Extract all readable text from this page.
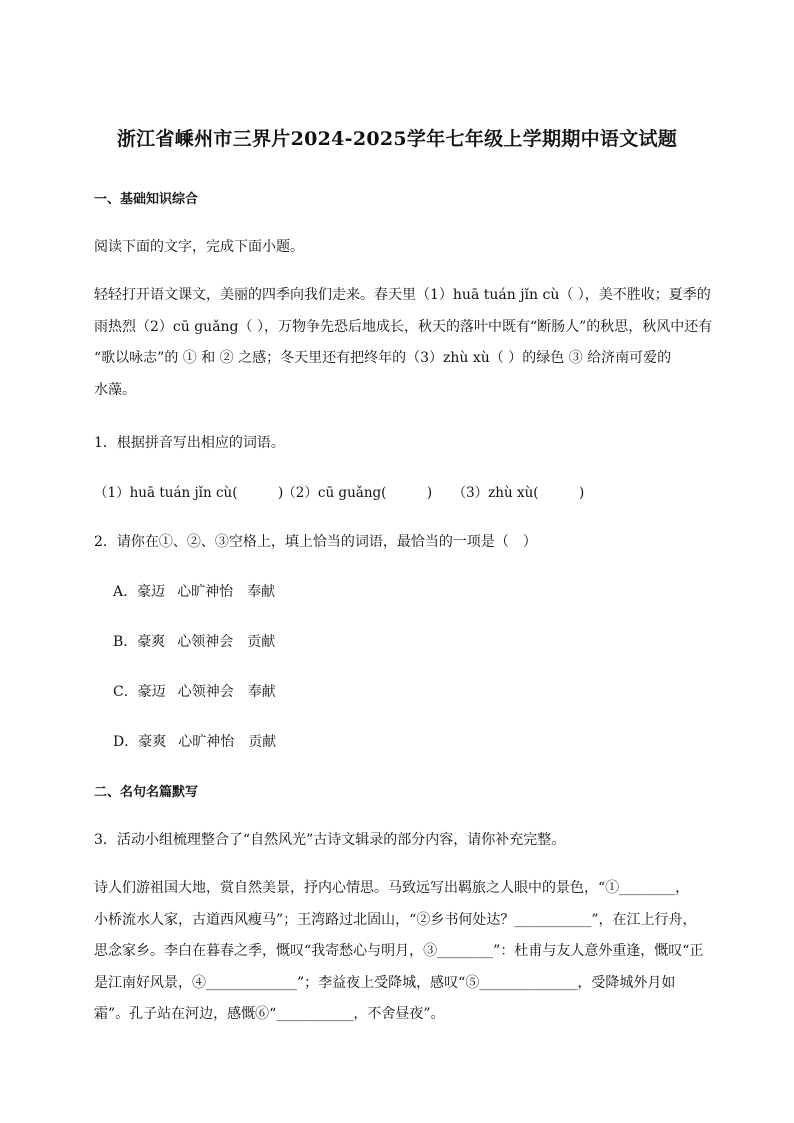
浙江省嵊州市三界片2024-2025学年七年级上学期期中语文试题
一、基础知识综合
阅读下面的文字，完成下面小题。
轻轻打开语文课文，美丽的四季向我们走来。春天里（1）huā tuán jǐn cù（ ），美不胜收；夏季的
雨热烈（2）cū guǎng（ ），万物争先恐后地成长，秋天的落叶中既有“断肠人”的秋思，秋风中还有
“歌以咏志”的 ① 和 ② 之感；冬天里还有把终年的（3）zhù xù（ ）的绿色 ③ 给济南可爱的
水藻。
1．根据拼音写出相应的词语。
（1）huā tuán jǐn cù(　　　) （2）cū guǎng(　　　) （3）zhù xù(　　　)
2．请你在①、②、③空格上，填上恰当的词语，最恰当的一项是（　）
A．豪迈 心旷神怡 奉献
B．豪爽 心领神会 贡献
C．豪迈 心领神会 奉献
D．豪爽 心旷神怡 贡献
二、名句名篇默写
3．活动小组梳理整合了“自然风光”古诗文辑录的部分内容，请你补充完整。
诗人们游祖国大地，赏自然美景，抒内心情思。马致远写出羁旅之人眼中的景色，“①________，
小桥流水人家，古道西风瘦马”；王湾路过北固山，“②乡书何处达？___________”，在江上行舟，
思念家乡。李白在暮春之季，慨叹“我寄愁心与明月，③________”：杜甫与友人意外重逢，慨叹“正
是江南好风景，④_____________”；李益夜上受降城，感叹“⑤______________，受降城外月如
霜”。孔子站在河边，感慨⑥“___________，不舍昼夜”。
